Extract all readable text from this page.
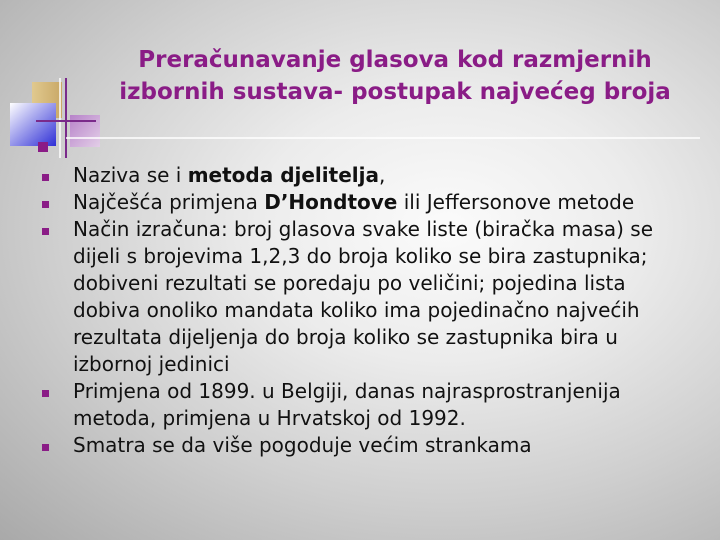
Preračunavanje glasova kod razmjernih
izbornih sustava- postupak najvećeg broja
Naziva se i metoda djelitelja,
Najčešća primjena D’Hondtove ili Jeffersonove metode
Način izračuna: broj glasova svake liste (biračka masa) se
dijeli s brojevima 1,2,3 do broja koliko se bira zastupnika;
dobiveni rezultati se poredaju po veličini; pojedina lista
dobiva onoliko mandata koliko ima pojedinačno najvećih
rezultata dijeljenja do broja koliko se zastupnika bira u
izbornoj jedinici
Primjena od 1899. u Belgiji, danas najrasprostranjenija
metoda, primjena u Hrvatskoj od 1992.
Smatra se da više pogoduje većim strankama
